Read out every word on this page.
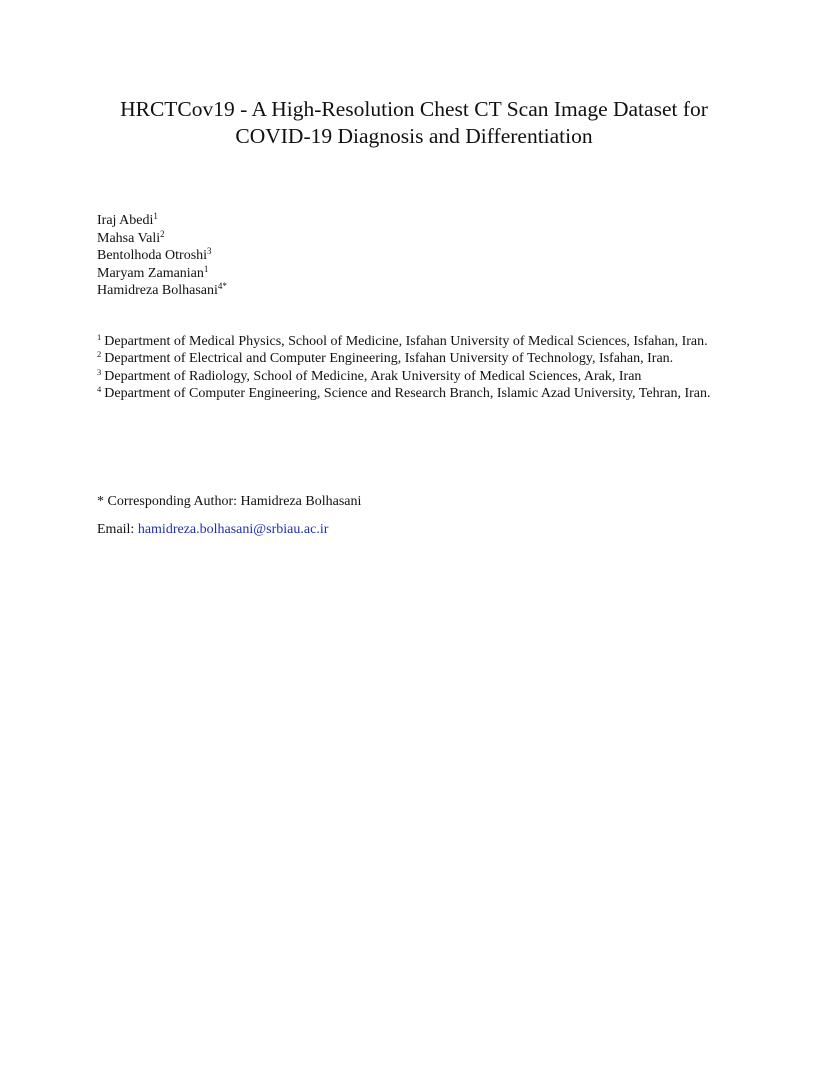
HRCTCov19 - A High-Resolution Chest CT Scan Image Dataset for
COVID-19 Diagnosis and Differentiation
Iraj Abedi$^1$
Mahsa Vali$^2$
Bentolhoda Otroshi$^3$
Maryam Zamanian$^1$
Hamidreza Bolhasani$^{4*}$
$^1$ Department of Medical Physics, School of Medicine, Isfahan University of Medical Sciences, Isfahan, Iran.
$^2$ Department of Electrical and Computer Engineering, Isfahan University of Technology, Isfahan, Iran.
$^3$ Department of Radiology, School of Medicine, Arak University of Medical Sciences, Arak, Iran
$^4$ Department of Computer Engineering, Science and Research Branch, Islamic Azad University, Tehran, Iran.
* Corresponding Author: Hamidreza Bolhasani
Email: hamidreza.bolhasani@srbiau.ac.ir
